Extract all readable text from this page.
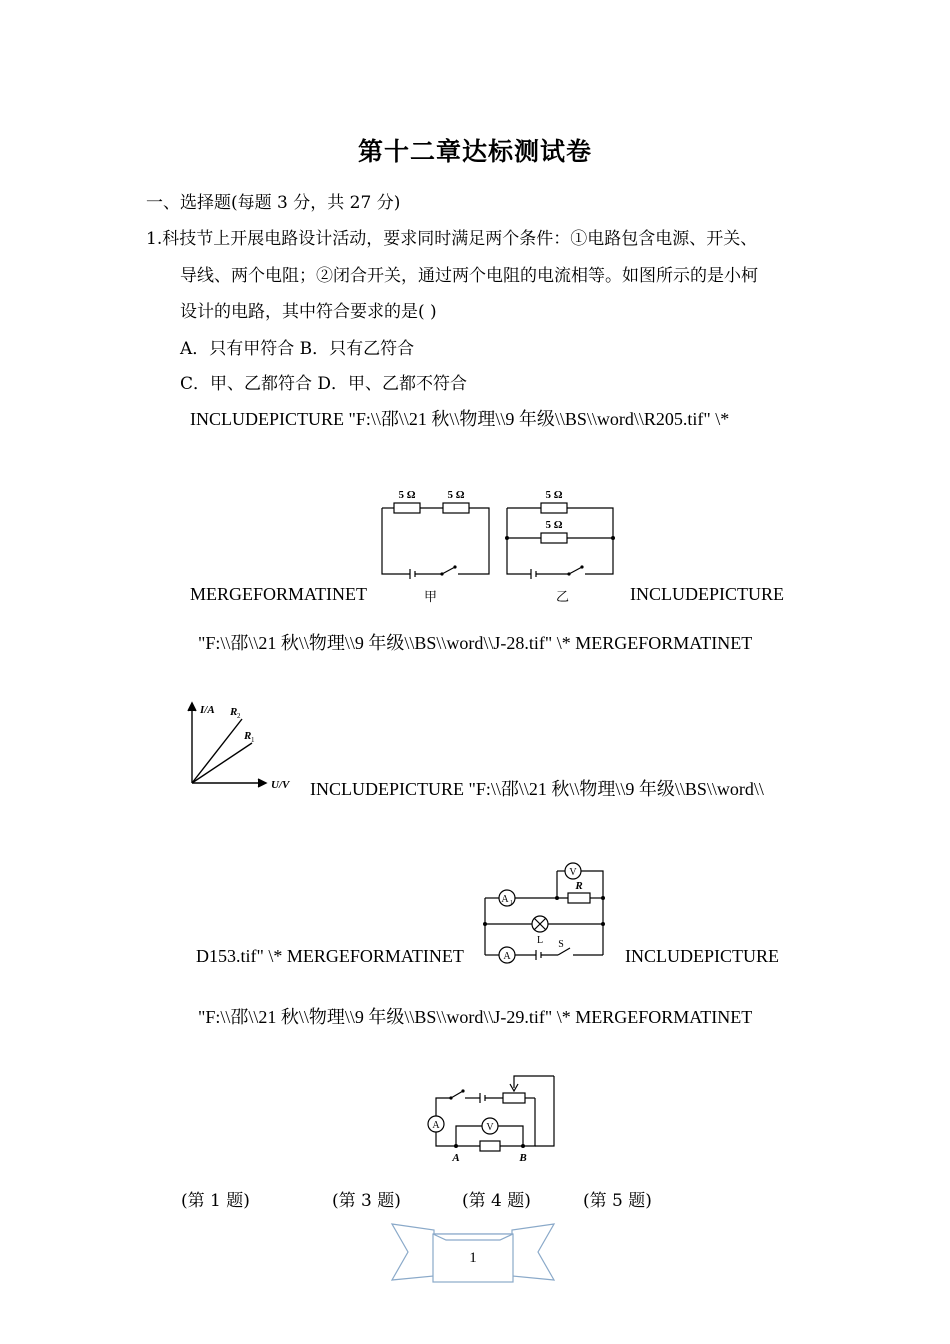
第十二章达标测试卷
一、选择题(每题 3 分，共 27 分)
1.科技节上开展电路设计活动，要求同时满足两个条件：①电路包含电源、开关、
导线、两个电阻；②闭合开关，通过两个电阻的电流相等。如图所示的是小柯
设计的电路，其中符合要求的是( )
A．只有甲符合 B．只有乙符合
C．甲、乙都符合 D．甲、乙都不符合
INCLUDEPICTURE "F:\\邵\\21 秋\\物理\\9 年级\\BS\\word\\R205.tif" \*
5 Ω	5 Ω	5 Ω
5 Ω
MERGEFORMATINET	甲	乙	INCLUDEPICTURE
"F:\\邵\\21 秋\\物理\\9 年级\\BS\\word\\J-28.tif" \* MERGEFORMATINET
I/A
U/V
R 2
R 1
INCLUDEPICTURE "F:\\邵\\21 秋\\物理\\9 年级\\BS\\word\\
V
A 1
R
L S
A
D153.tif" \* MERGEFORMATINET	INCLUDEPICTURE
"F:\\邵\\21 秋\\物理\\9 年级\\BS\\word\\J-29.tif" \* MERGEFORMATINET
A	V
A	B
(第 1 题)	(第 3 题)	(第 4 题)	(第 5 题)
1
